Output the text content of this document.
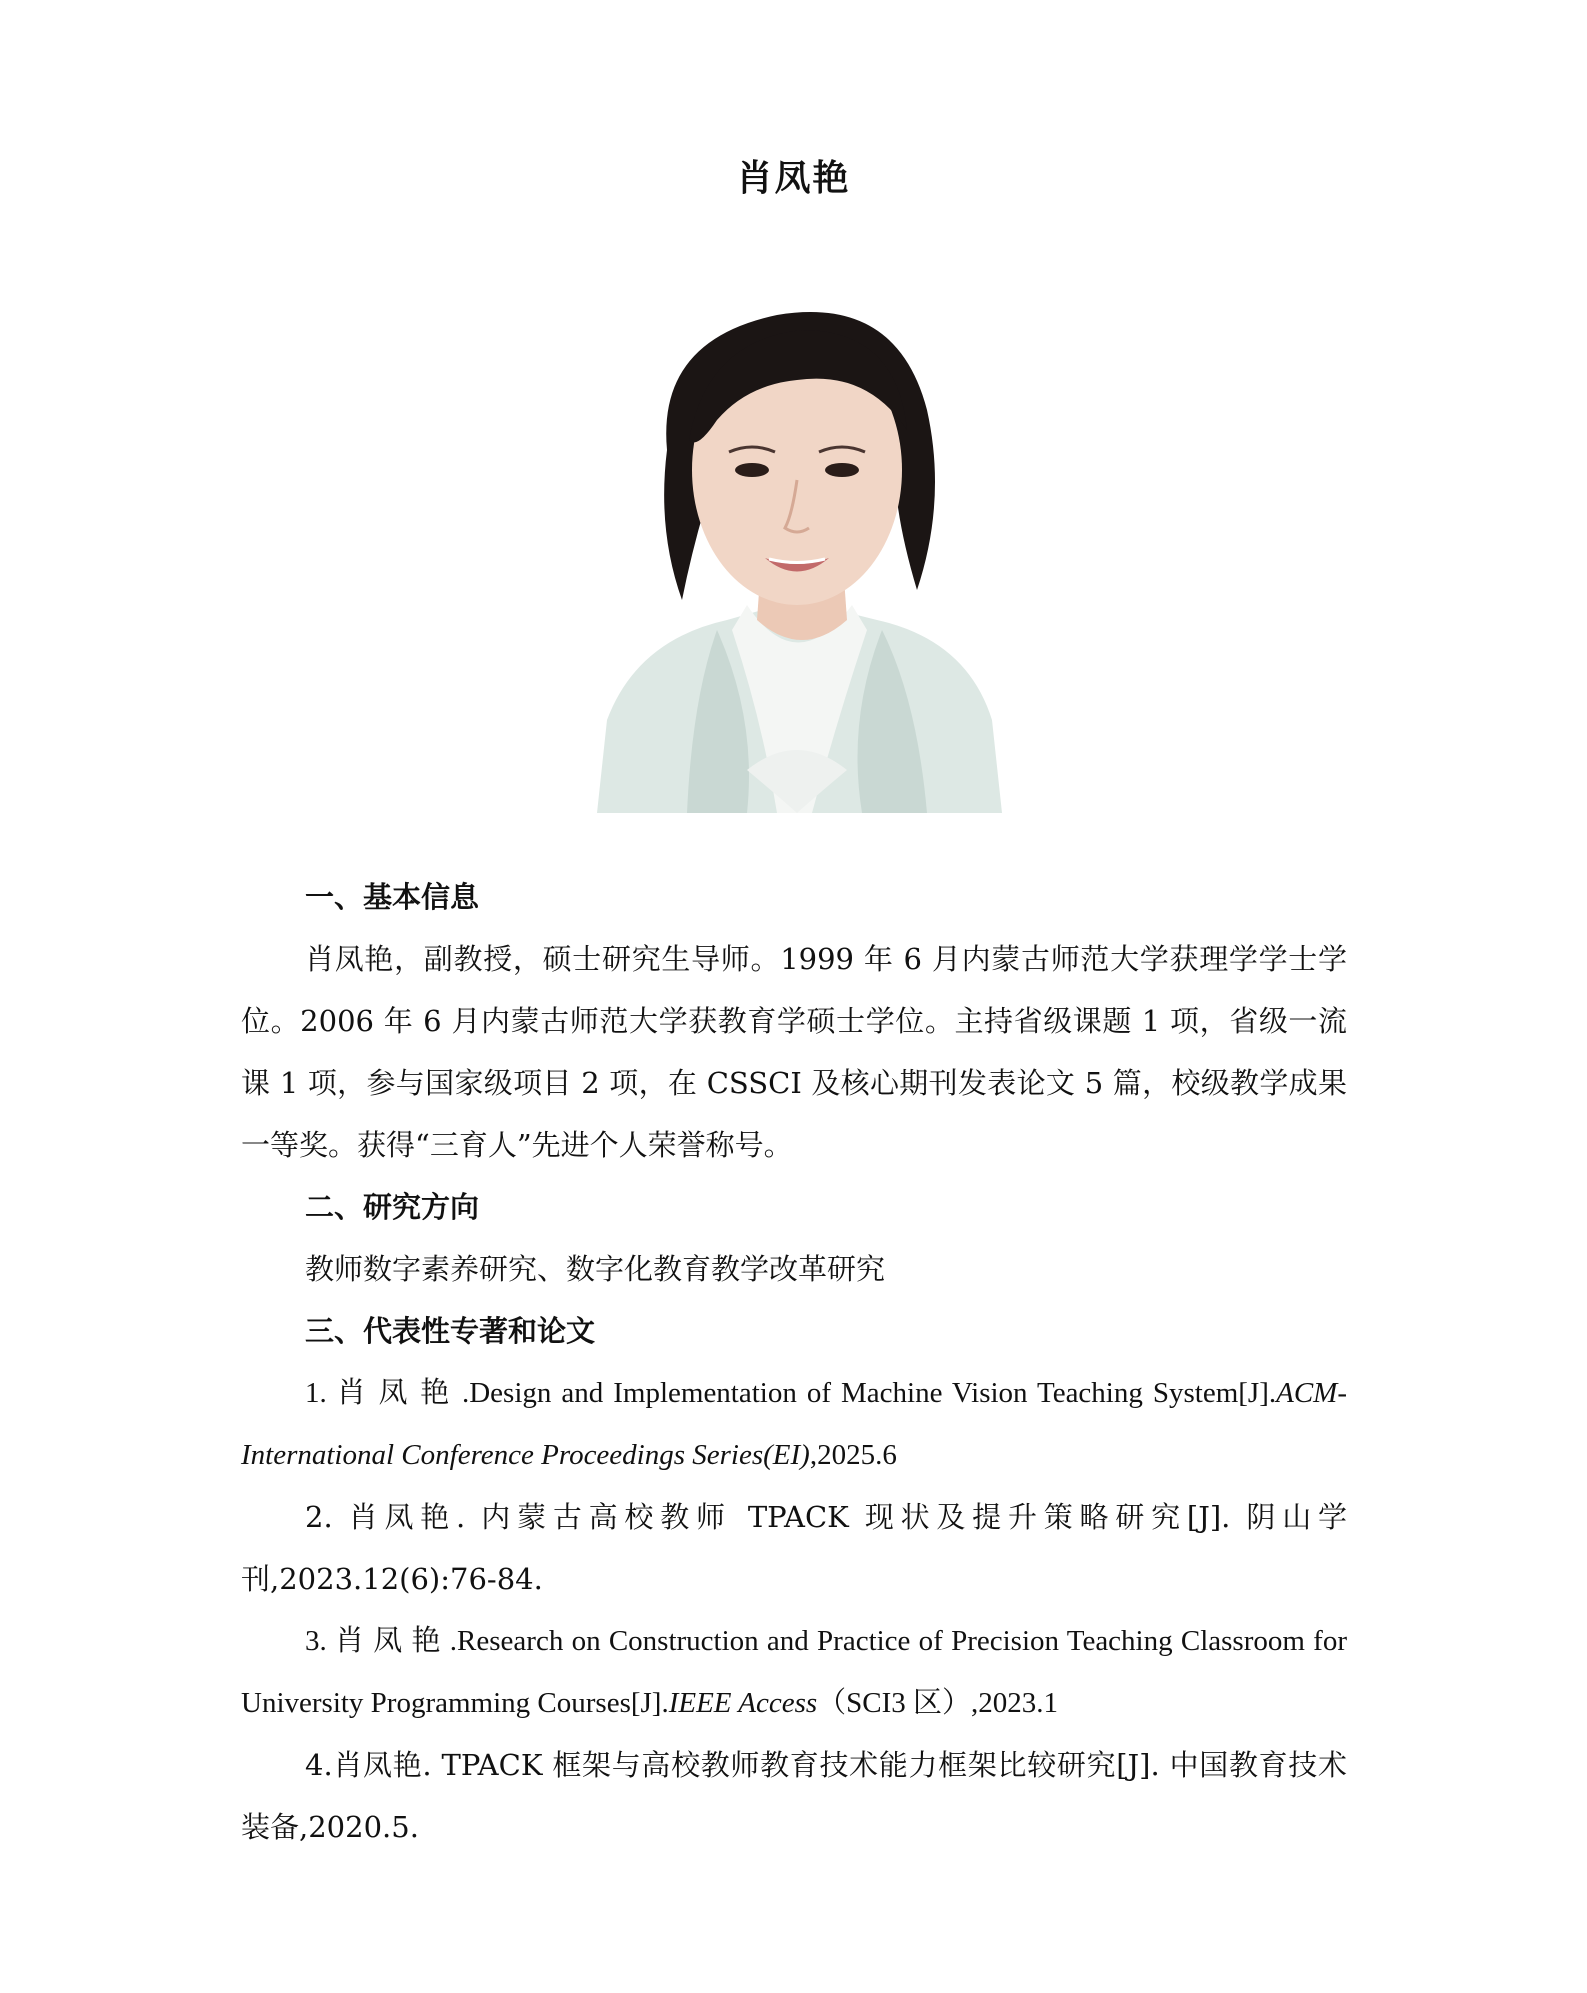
肖凤艳
一、基本信息

肖凤艳，副教授，硕士研究生导师。1999 年 6 月内蒙古师范大学获理学学士学位。2006 年 6 月内蒙古师范大学获教育学硕士学位。主持省级课题 1 项，省级一流课 1 项，参与国家级项目 2 项，在 CSSCI 及核心期刊发表论文 5 篇，校级教学成果一等奖。获得“三育人”先进个人荣誉称号。

二、研究方向

教师数字素养研究、数字化教育教学改革研究

三、代表性专著和论文

1. 肖 凤 艳 .Design and Implementation of Machine Vision Teaching System[J].ACM-International Conference Proceedings Series(EI),2025.6

2. 肖凤艳. 内蒙古高校教师 TPACK 现状及提升策略研究[J]. 阴山学刊,2023.12(6):76-84.

3. 肖 凤 艳 .Research on Construction and Practice of Precision Teaching Classroom for University Programming Courses[J].IEEE Access（SCI3 区）,2023.1

4.肖凤艳. TPACK 框架与高校教师教育技术能力框架比较研究[J]. 中国教育技术装备,2020.5.
